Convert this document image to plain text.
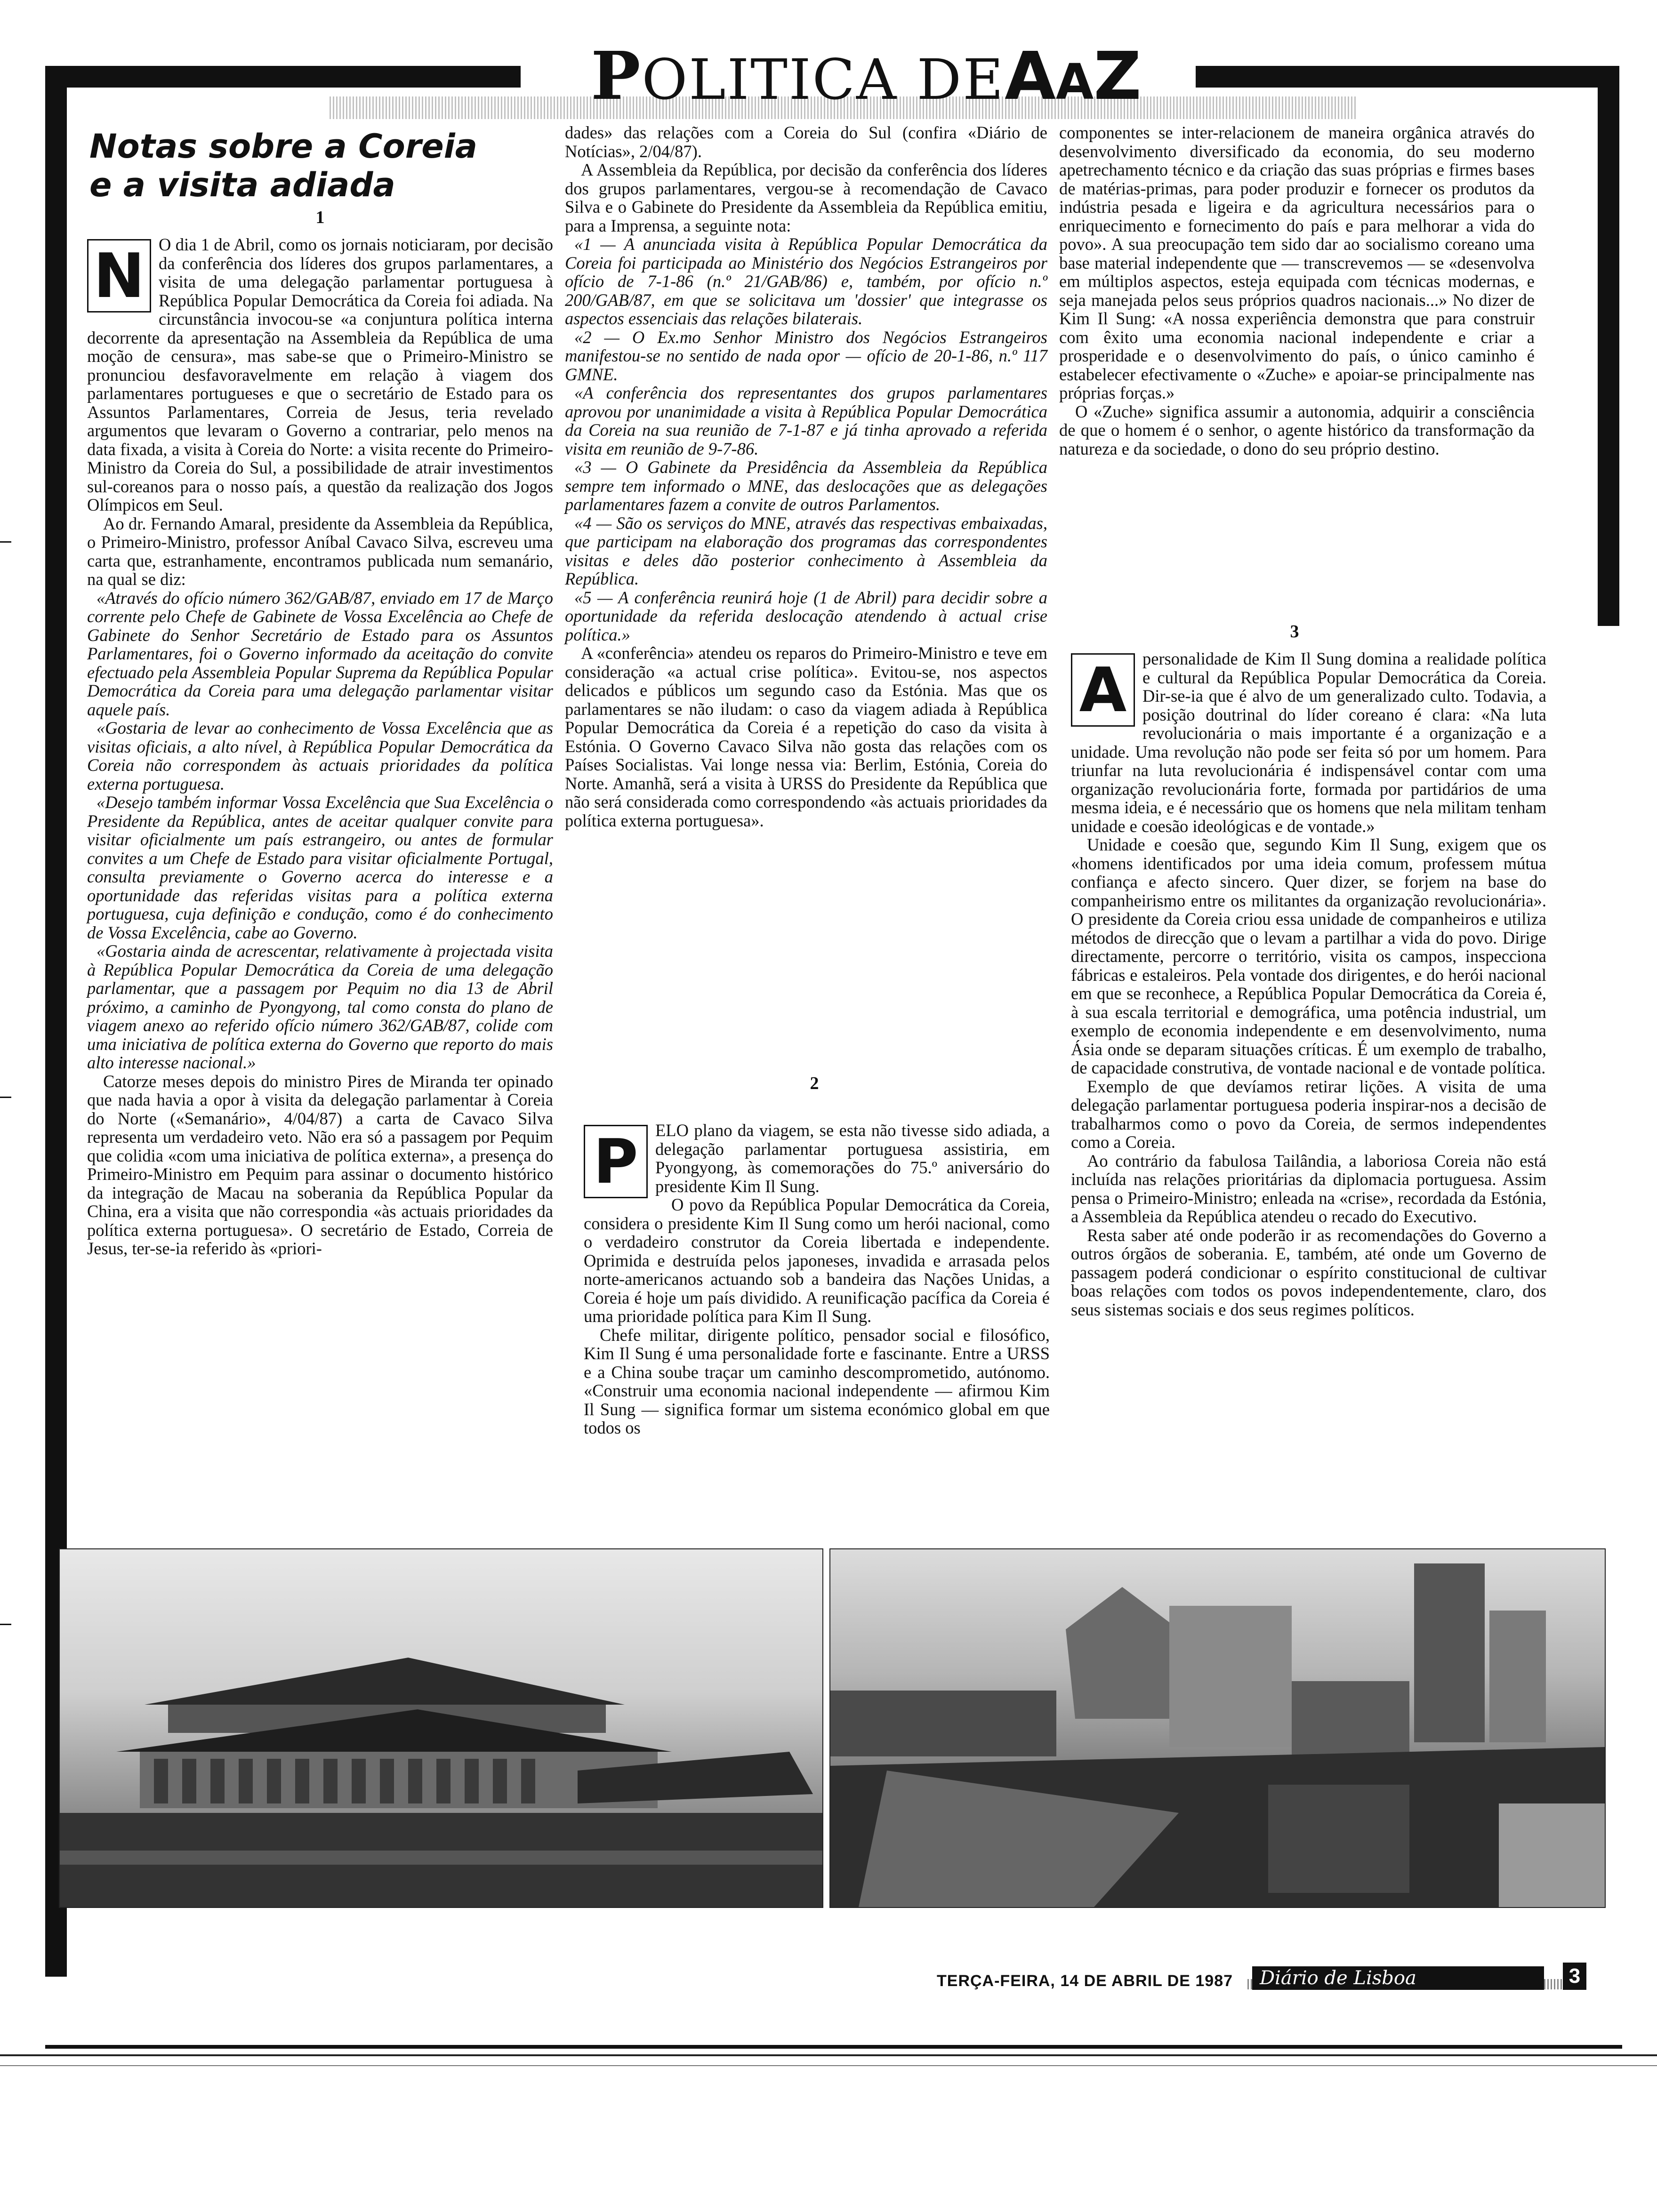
POLITICA DEAAZ
Notas sobre a Coreia
e a visita adiada
1
N O dia 1 de Abril, como os jornais noticiaram, por decisão da conferência dos líderes dos grupos parlamentares, a visita de uma delegação parlamentar portuguesa à República Popular Democrática da Coreia foi adiada. Na circunstância invocou-se «a conjuntura política interna decorrente da apresentação na Assembleia da República de uma moção de censura», mas sabe-se que o Primeiro-Ministro se pronunciou desfavoravelmente em relação à viagem dos parlamentares portugueses e que o secretário de Estado para os Assuntos Parlamentares, Correia de Jesus, teria revelado argumentos que levaram o Governo a contrariar, pelo menos na data fixada, a visita à Coreia do Norte: a visita recente do Primeiro-Ministro da Coreia do Sul, a possibilidade de atrair investimentos sul-coreanos para o nosso país, a questão da realização dos Jogos Olímpicos em Seul.

Ao dr. Fernando Amaral, presidente da Assembleia da República, o Primeiro-Ministro, professor Aníbal Cavaco Silva, escreveu uma carta que, estranhamente, encontramos publicada num semanário, na qual se diz:

«Através do ofício número 362/GAB/87, enviado em 17 de Março corrente pelo Chefe de Gabinete de Vossa Excelência ao Chefe de Gabinete do Senhor Secretário de Estado para os Assuntos Parlamentares, foi o Governo informado da aceitação do convite efectuado pela Assembleia Popular Suprema da República Popular Democrática da Coreia para uma delegação parlamentar visitar aquele país.

«Gostaria de levar ao conhecimento de Vossa Excelência que as visitas oficiais, a alto nível, à República Popular Democrática da Coreia não correspondem às actuais prioridades da política externa portuguesa.

«Desejo também informar Vossa Excelência que Sua Excelência o Presidente da República, antes de aceitar qualquer convite para visitar oficialmente um país estrangeiro, ou antes de formular convites a um Chefe de Estado para visitar oficialmente Portugal, consulta previamente o Governo acerca do interesse e a oportunidade das referidas visitas para a política externa portuguesa, cuja definição e condução, como é do conhecimento de Vossa Excelência, cabe ao Governo.

«Gostaria ainda de acrescentar, relativamente à projectada visita à República Popular Democrática da Coreia de uma delegação parlamentar, que a passagem por Pequim no dia 13 de Abril próximo, a caminho de Pyongyong, tal como consta do plano de viagem anexo ao referido ofício número 362/GAB/87, colide com uma iniciativa de política externa do Governo que reporto do mais alto interesse nacional.»

Catorze meses depois do ministro Pires de Miranda ter opinado que nada havia a opor à visita da delegação parlamentar à Coreia do Norte («Semanário», 4/04/87) a carta de Cavaco Silva representa um verdadeiro veto. Não era só a passagem por Pequim que colidia «com uma iniciativa de política externa», a presença do Primeiro-Ministro em Pequim para assinar o documento histórico da integração de Macau na soberania da República Popular da China, era a visita que não correspondia «às actuais prioridades da política externa portuguesa». O secretário de Estado, Correia de Jesus, ter-se-ia referido às «priori-

dades» das relações com a Coreia do Sul (confira «Diário de Notícias», 2/04/87).

A Assembleia da República, por decisão da conferência dos líderes dos grupos parlamentares, vergou-se à recomendação de Cavaco Silva e o Gabinete do Presidente da Assembleia da República emitiu, para a Imprensa, a seguinte nota:

«1 — A anunciada visita à República Popular Democrática da Coreia foi participada ao Ministério dos Negócios Estrangeiros por ofício de 7-1-86 (n.º 21/GAB/86) e, também, por ofício n.º 200/GAB/87, em que se solicitava um 'dossier' que integrasse os aspectos essenciais das relações bilaterais.

«2 — O Ex.mo Senhor Ministro dos Negócios Estrangeiros manifestou-se no sentido de nada opor — ofício de 20-1-86, n.º 117 GMNE.

«A conferência dos representantes dos grupos parlamentares aprovou por unanimidade a visita à República Popular Democrática da Coreia na sua reunião de 7-1-87 e já tinha aprovado a referida visita em reunião de 9-7-86.

«3 — O Gabinete da Presidência da Assembleia da República sempre tem informado o MNE, das deslocações que as delegações parlamentares fazem a convite de outros Parlamentos.

«4 — São os serviços do MNE, através das respectivas embaixadas, que participam na elaboração dos programas das correspondentes visitas e deles dão posterior conhecimento à Assembleia da República.

«5 — A conferência reunirá hoje (1 de Abril) para decidir sobre a oportunidade da referida deslocação atendendo à actual crise política.»

A «conferência» atendeu os reparos do Primeiro-Ministro e teve em consideração «a actual crise política». Evitou-se, nos aspectos delicados e públicos um segundo caso da Estónia. Mas que os parlamentares se não iludam: o caso da viagem adiada à República Popular Democrática da Coreia é a repetição do caso da visita à Estónia. O Governo Cavaco Silva não gosta das relações com os Países Socialistas. Vai longe nessa via: Berlim, Estónia, Coreia do Norte. Amanhã, será a visita à URSS do Presidente da República que não será considerada como correspondendo «às actuais prioridades da política externa portuguesa».

2
P ELO plano da viagem, se esta não tivesse sido adiada, a delegação parlamentar portuguesa assistiria, em Pyongyong, às comemorações do 75.º aniversário do presidente Kim Il Sung.

O povo da República Popular Democrática da Coreia, considera o presidente Kim Il Sung como um herói nacional, como o verdadeiro construtor da Coreia libertada e independente. Oprimida e destruída pelos japoneses, invadida e arrasada pelos norte-americanos actuando sob a bandeira das Nações Unidas, a Coreia é hoje um país dividido. A reunificação pacífica da Coreia é uma prioridade política para Kim Il Sung.

Chefe militar, dirigente político, pensador social e filosófico, Kim Il Sung é uma personalidade forte e fascinante. Entre a URSS e a China soube traçar um caminho descomprometido, autónomo. «Construir uma economia nacional independente — afirmou Kim Il Sung — significa formar um sistema económico global em que todos os

componentes se inter-relacionem de maneira orgânica através do desenvolvimento diversificado da economia, do seu moderno apetrechamento técnico e da criação das suas próprias e firmes bases de matérias-primas, para poder produzir e fornecer os produtos da indústria pesada e ligeira e da agricultura necessários para o enriquecimento e fornecimento do país e para melhorar a vida do povo». A sua preocupação tem sido dar ao socialismo coreano uma base material independente que — transcrevemos — se «desenvolva em múltiplos aspectos, esteja equipada com técnicas modernas, e seja manejada pelos seus próprios quadros nacionais...» No dizer de Kim Il Sung: «A nossa experiência demonstra que para construir com êxito uma economia nacional independente e criar a prosperidade e o desenvolvimento do país, o único caminho é estabelecer efectivamente o «Zuche» e apoiar-se principalmente nas próprias forças.»

O «Zuche» significa assumir a autonomia, adquirir a consciência de que o homem é o senhor, o agente histórico da transformação da natureza e da sociedade, o dono do seu próprio destino.

3
A personalidade de Kim Il Sung domina a realidade política e cultural da República Popular Democrática da Coreia. Dir-se-ia que é alvo de um generalizado culto. Todavia, a posição doutrinal do líder coreano é clara: «Na luta revolucionária o mais importante é a organização e a unidade. Uma revolução não pode ser feita só por um homem. Para triunfar na luta revolucionária é indispensável contar com uma organização revolucionária forte, formada por partidários de uma mesma ideia, e é necessário que os homens que nela militam tenham unidade e coesão ideológicas e de vontade.»

Unidade e coesão que, segundo Kim Il Sung, exigem que os «homens identificados por uma ideia comum, professem mútua confiança e afecto sincero. Quer dizer, se forjem na base do companheirismo entre os militantes da organização revolucionária». O presidente da Coreia criou essa unidade de companheiros e utiliza métodos de direcção que o levam a partilhar a vida do povo. Dirige directamente, percorre o território, visita os campos, inspecciona fábricas e estaleiros. Pela vontade dos dirigentes, e do herói nacional em que se reconhece, a República Popular Democrática da Coreia é, à sua escala territorial e demográfica, uma potência industrial, um exemplo de economia independente e em desenvolvimento, numa Ásia onde se deparam situações críticas. É um exemplo de trabalho, de capacidade construtiva, de vontade nacional e de vontade política.

Exemplo de que devíamos retirar lições. A visita de uma delegação parlamentar portuguesa poderia inspirar-nos a decisão de trabalharmos como o povo da Coreia, de sermos independentes como a Coreia.

Ao contrário da fabulosa Tailândia, a laboriosa Coreia não está incluída nas relações prioritárias da diplomacia portuguesa. Assim pensa o Primeiro-Ministro; enleada na «crise», recordada da Estónia, a Assembleia da República atendeu o recado do Executivo.

Resta saber até onde poderão ir as recomendações do Governo a outros órgãos de soberania. E, também, até onde um Governo de passagem poderá condicionar o espírito constitucional de cultivar boas relações com todos os povos independentemente, claro, dos seus sistemas sociais e dos seus regimes políticos.

TERÇA-FEIRA, 14 DE ABRIL DE 1987	Diário de Lisboa	3
